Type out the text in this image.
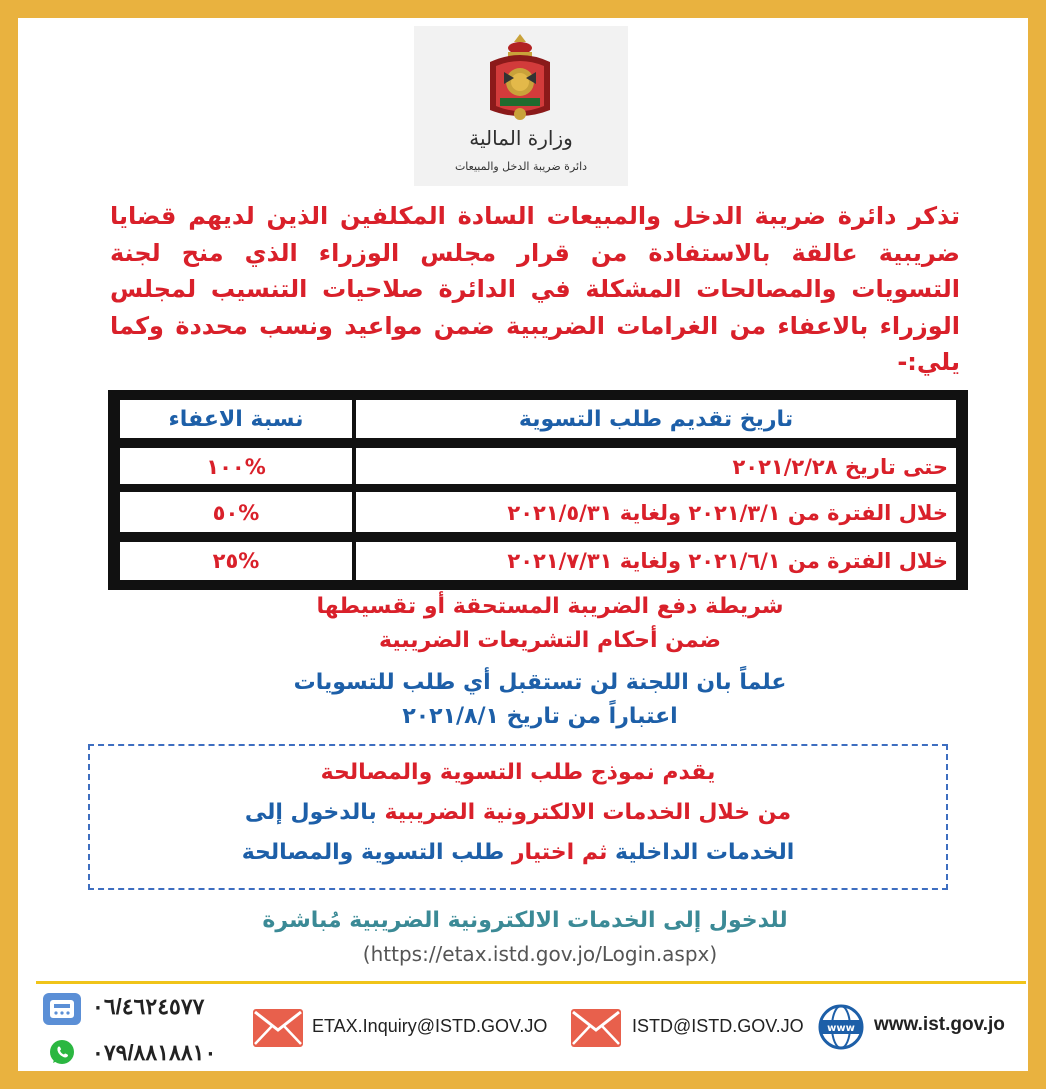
وزارة المالية
دائرة ضريبة الدخل والمبيعات
تذكر دائرة ضريبة الدخل والمبيعات السادة المكلفين الذين لديهم قضايا ضريبية عالقة بالاستفادة من قرار مجلس الوزراء الذي منح لجنة التسويات والمصالحات المشكلة في الدائرة صلاحيات التنسيب لمجلس الوزراء بالاعفاء من الغرامات الضريبية ضمن مواعيد ونسب محددة وكما يلي:-
تاريخ تقديم طلب التسوية
نسبة الاعفاء
حتى تاريخ ٢٠٢١/٢/٢٨
%١٠٠
خلال الفترة من ٢٠٢١/٣/١ ولغاية ٢٠٢١/٥/٣١
%٥٠
خلال الفترة من ٢٠٢١/٦/١ ولغاية ٢٠٢١/٧/٣١
%٢٥
شريطة دفع الضريبة المستحقة أو تقسيطها
ضمن أحكام التشريعات الضريبية
علماً بان اللجنة لن تستقبل أي طلب للتسويات
اعتباراً من تاريخ ٢٠٢١/٨/١
يقدم نموذج طلب التسوية والمصالحة
من خلال الخدمات الالكترونية الضريبية بالدخول إلى
الخدمات الداخلية ثم اختيار طلب التسوية والمصالحة
للدخول إلى الخدمات الالكترونية الضريبية مُباشرة
(https://etax.istd.gov.jo/Login.aspx)
٠٦/٤٦٢٤٥٧٧
٠٧٩/٨٨١٨٨١٠
ETAX.Inquiry@ISTD.GOV.JO	ISTD@ISTD.GOV.JO www www.ist.gov.jo
